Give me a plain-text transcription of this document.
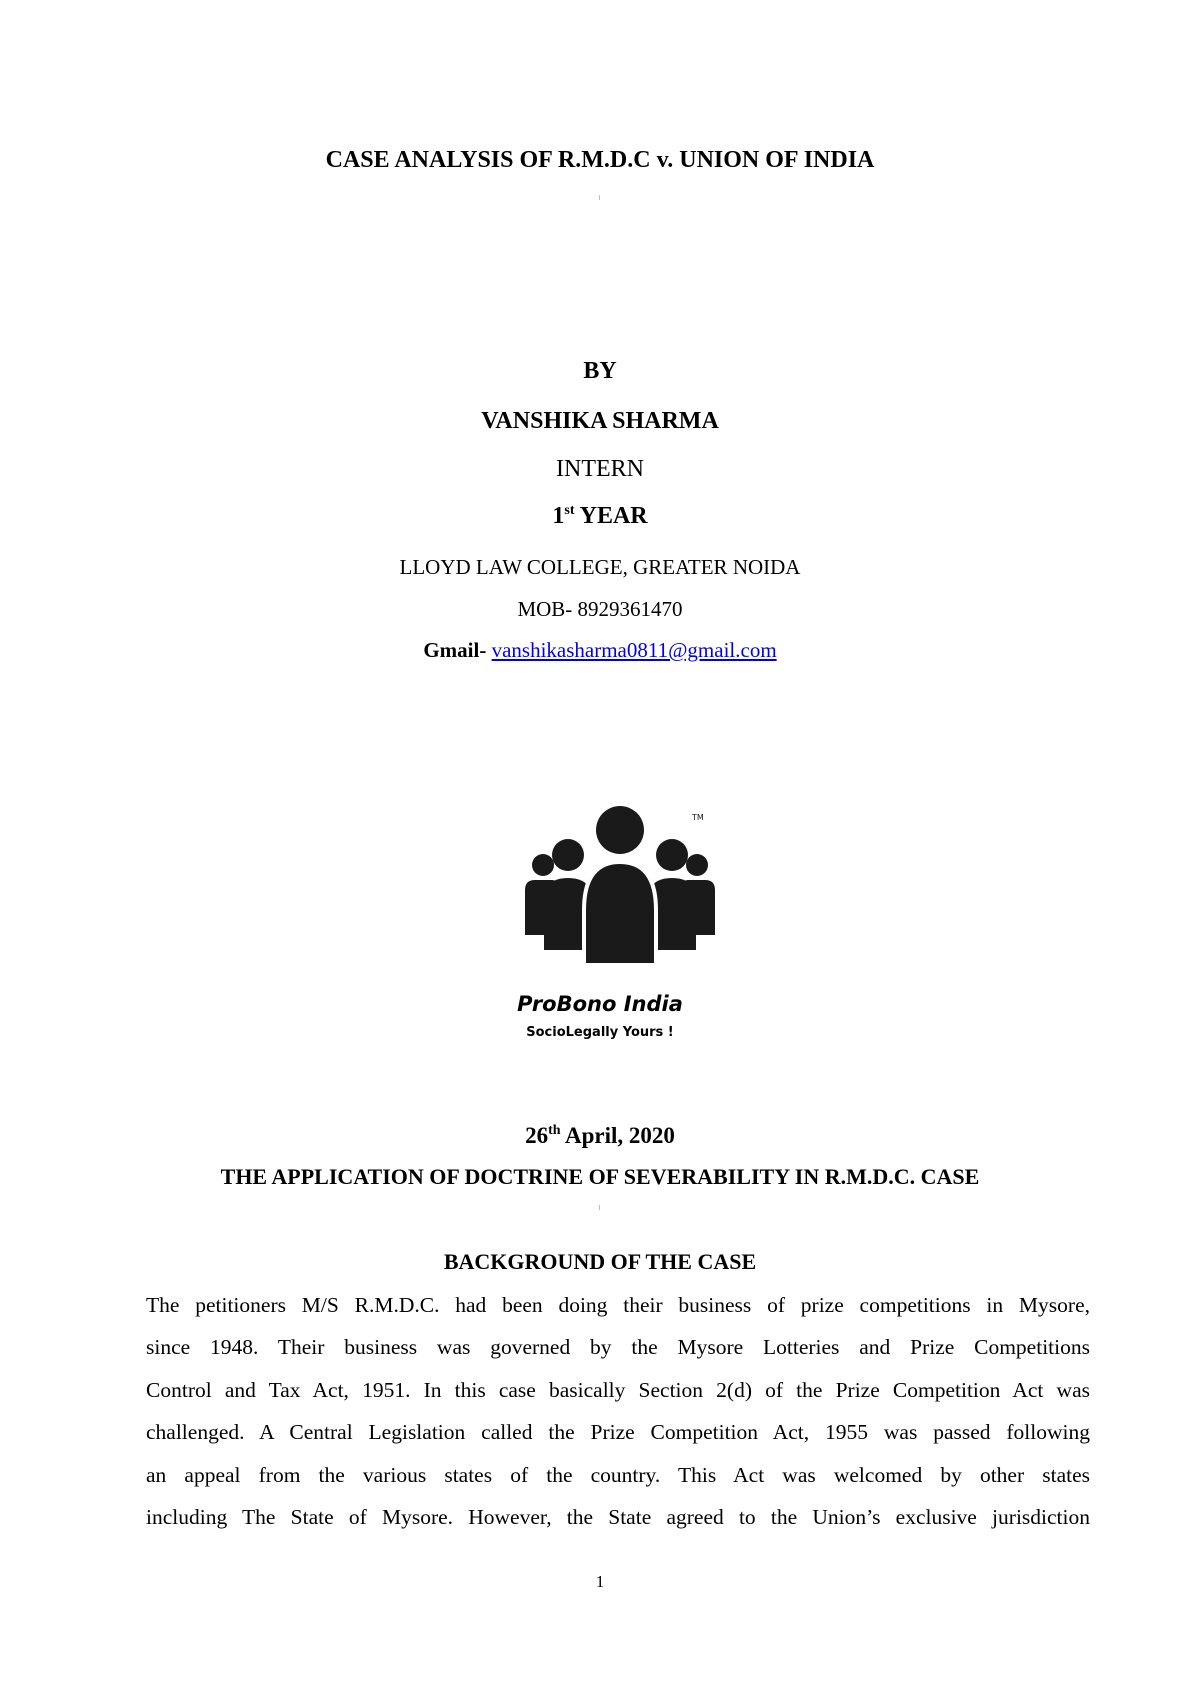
CASE ANALYSIS OF R.M.D.C v. UNION OF INDIA
BY
VANSHIKA SHARMA
INTERN
1st YEAR
LLOYD LAW COLLEGE, GREATER NOIDA
MOB- 8929361470
Gmail- vanshikasharma0811@gmail.com
TM
ProBono India
SocioLegally Yours !
26th April, 2020
THE APPLICATION OF DOCTRINE OF SEVERABILITY IN R.M.D.C. CASE
BACKGROUND OF THE CASE
The petitioners M/S R.M.D.C. had been doing their business of prize competitions in Mysore,
since 1948. Their business was governed by the Mysore Lotteries and Prize Competitions
Control and Tax Act, 1951. In this case basically Section 2(d) of the Prize Competition Act was
challenged. A Central Legislation called the Prize Competition Act, 1955 was passed following
an appeal from the various states of the country. This Act was welcomed by other states
including The State of Mysore. However, the State agreed to the Union’s exclusive jurisdiction
1
